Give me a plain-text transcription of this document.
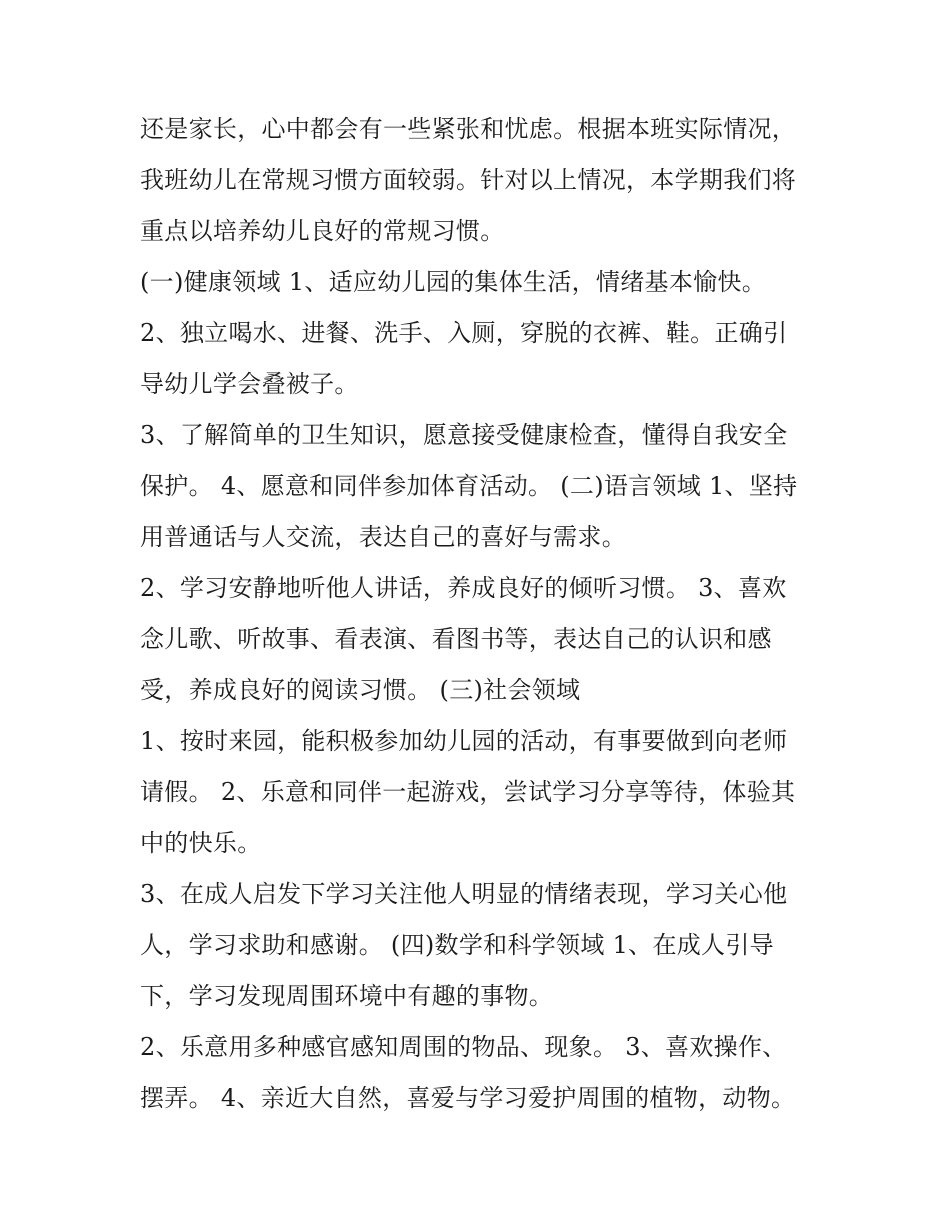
还是家长，心中都会有一些紧张和忧虑。根据本班实际情况，
我班幼儿在常规习惯方面较弱。针对以上情况，本学期我们将
重点以培养幼儿良好的常规习惯。
(一)健康领域 1、适应幼儿园的集体生活，情绪基本愉快。
2、独立喝水、进餐、洗手、入厕，穿脱的衣裤、鞋。正确引
导幼儿学会叠被子。
3、了解简单的卫生知识，愿意接受健康检查，懂得自我安全
保护。 4、愿意和同伴参加体育活动。 (二)语言领域 1、坚持
用普通话与人交流，表达自己的喜好与需求。
2、学习安静地听他人讲话，养成良好的倾听习惯。 3、喜欢
念儿歌、听故事、看表演、看图书等，表达自己的认识和感
受，养成良好的阅读习惯。 (三)社会领域
1、按时来园，能积极参加幼儿园的活动，有事要做到向老师
请假。 2、乐意和同伴一起游戏，尝试学习分享等待，体验其
中的快乐。
3、在成人启发下学习关注他人明显的情绪表现，学习关心他
人，学习求助和感谢。 (四)数学和科学领域 1、在成人引导
下，学习发现周围环境中有趣的事物。
2、乐意用多种感官感知周围的物品、现象。 3、喜欢操作、
摆弄。 4、亲近大自然，喜爱与学习爱护周围的植物，动物。
